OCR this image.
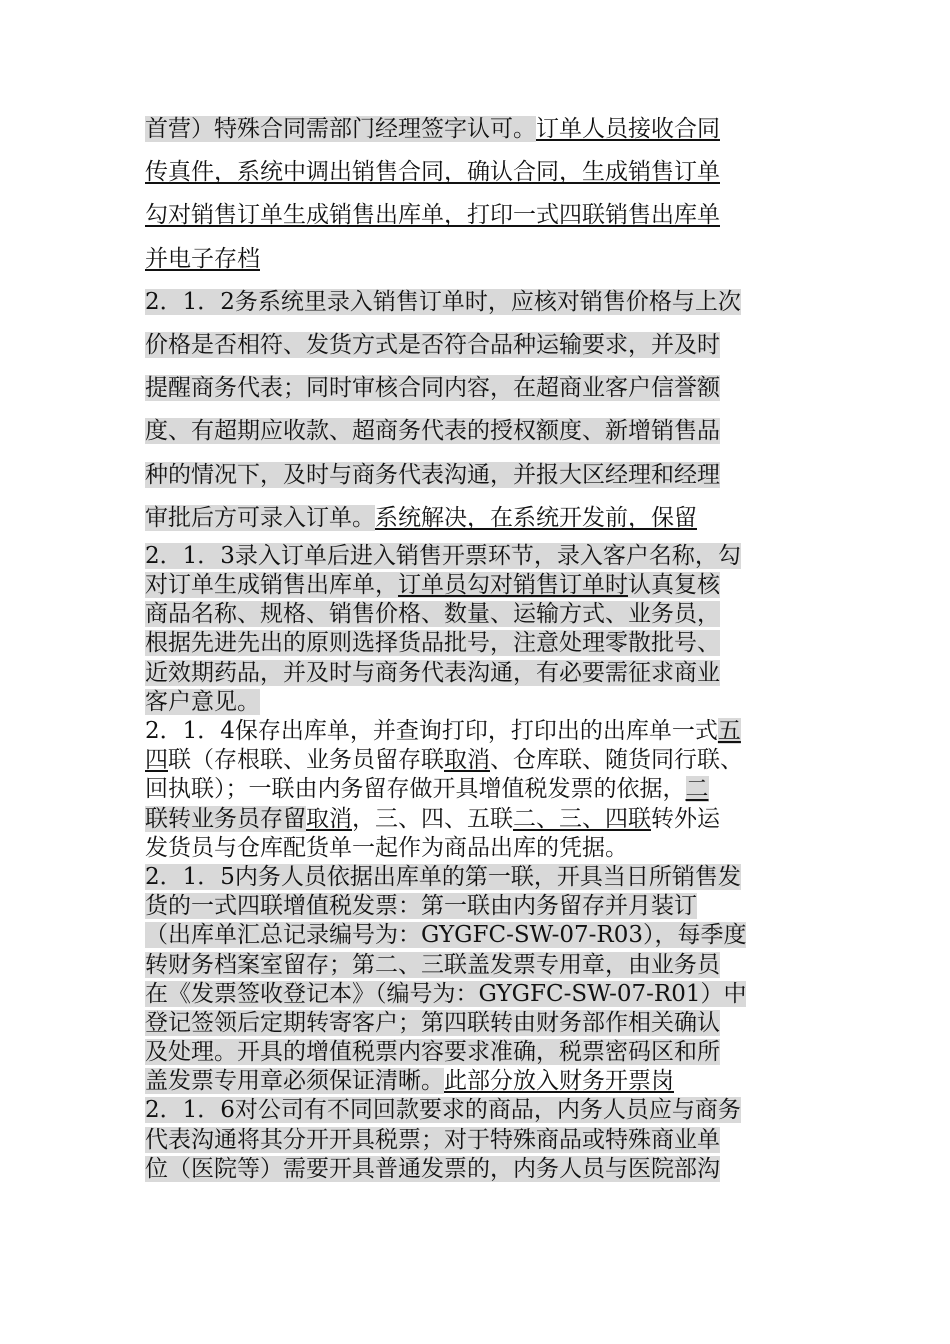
首营）特殊合同需部门经理签字认可。订单人员接收合同
传真件，系统中调出销售合同，确认合同，生成销售订单
勾对销售订单生成销售出库单，打印一式四联销售出库单
并电子存档
2．1．2务系统里录入销售订单时，应核对销售价格与上次
价格是否相符、发货方式是否符合品种运输要求，并及时
提醒商务代表；同时审核合同内容，在超商业客户信誉额
度、有超期应收款、超商务代表的授权额度、新增销售品
种的情况下，及时与商务代表沟通，并报大区经理和经理
审批后方可录入订单。系统解决，在系统开发前，保留
2．1．3录入订单后进入销售开票环节，录入客户名称，勾
对订单生成销售出库单，订单员勾对销售订单时认真复核
商品名称、规格、销售价格、数量、运输方式、业务员，
根据先进先出的原则选择货品批号，注意处理零散批号、
近效期药品，并及时与商务代表沟通，有必要需征求商业
客户意见。
2．1．4保存出库单，并查询打印，打印出的出库单一式五
四联（存根联、业务员留存联取消、仓库联、随货同行联、
回执联）；一联由内务留存做开具增值税发票的依据，二
联转业务员存留取消，三、四、五联二、三、四联转外运
发货员与仓库配货单一起作为商品出库的凭据。
2．1．5内务人员依据出库单的第一联，开具当日所销售发
货的一式四联增值税发票：第一联由内务留存并月装订
（出库单汇总记录编号为：GYGFC-SW-07-R03），每季度
转财务档案室留存；第二、三联盖发票专用章，由业务员
在《发票签收登记本》（编号为：GYGFC-SW-07-R01）中
登记签领后定期转寄客户；第四联转由财务部作相关确认
及处理。开具的增值税票内容要求准确，税票密码区和所
盖发票专用章必须保证清晰。此部分放入财务开票岗
2．1．6对公司有不同回款要求的商品，内务人员应与商务
代表沟通将其分开开具税票；对于特殊商品或特殊商业单
位（医院等）需要开具普通发票的，内务人员与医院部沟
